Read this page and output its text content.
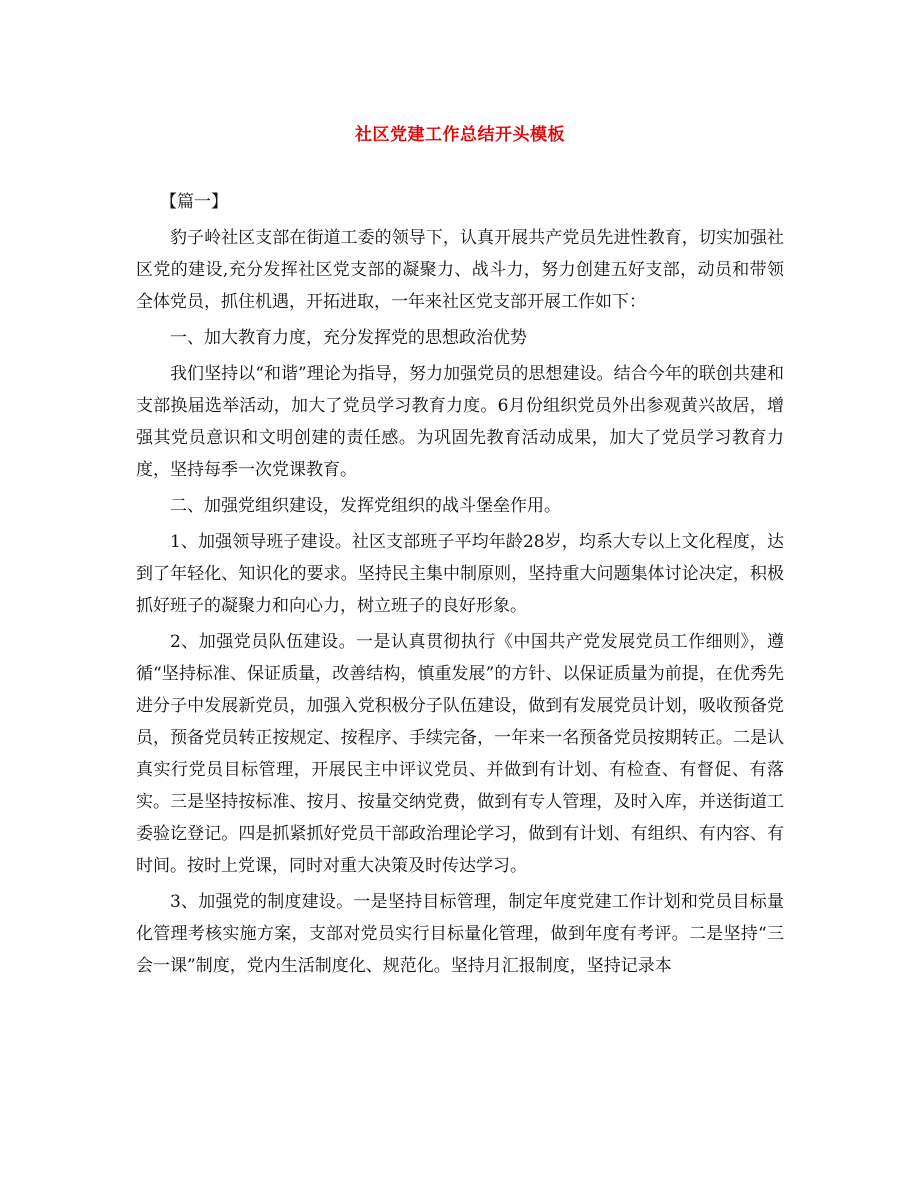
社区党建工作总结开头模板

【篇一】

豹子岭社区支部在街道工委的领导下，认真开展共产党员先进性教育，切实加强社区党的建设,充分发挥社区党支部的凝聚力、战斗力，努力创建五好支部，动员和带领全体党员，抓住机遇，开拓进取，一年来社区党支部开展工作如下：

一、加大教育力度，充分发挥党的思想政治优势

我们坚持以“和谐”理论为指导，努力加强党员的思想建设。结合今年的联创共建和支部换届选举活动，加大了党员学习教育力度。6月份组织党员外出参观黄兴故居，增强其党员意识和文明创建的责任感。为巩固先教育活动成果，加大了党员学习教育力度，坚持每季一次党课教育。

二、加强党组织建设，发挥党组织的战斗堡垒作用。

1、加强领导班子建设。社区支部班子平均年龄28岁，均系大专以上文化程度，达到了年轻化、知识化的要求。坚持民主集中制原则，坚持重大问题集体讨论决定，积极抓好班子的凝聚力和向心力，树立班子的良好形象。

2、加强党员队伍建设。一是认真贯彻执行《中国共产党发展党员工作细则》，遵循“坚持标准、保证质量，改善结构，慎重发展”的方针、以保证质量为前提，在优秀先进分子中发展新党员，加强入党积极分子队伍建设，做到有发展党员计划，吸收预备党员，预备党员转正按规定、按程序、手续完备，一年来一名预备党员按期转正。二是认真实行党员目标管理，开展民主中评议党员、并做到有计划、有检查、有督促、有落实。三是坚持按标准、按月、按量交纳党费，做到有专人管理，及时入库，并送街道工委验讫登记。四是抓紧抓好党员干部政治理论学习，做到有计划、有组织、有内容、有时间。按时上党课，同时对重大决策及时传达学习。

3、加强党的制度建设。一是坚持目标管理，制定年度党建工作计划和党员目标量化管理考核实施方案，支部对党员实行目标量化管理，做到年度有考评。二是坚持“三会一课”制度，党内生活制度化、规范化。坚持月汇报制度，坚持记录本
